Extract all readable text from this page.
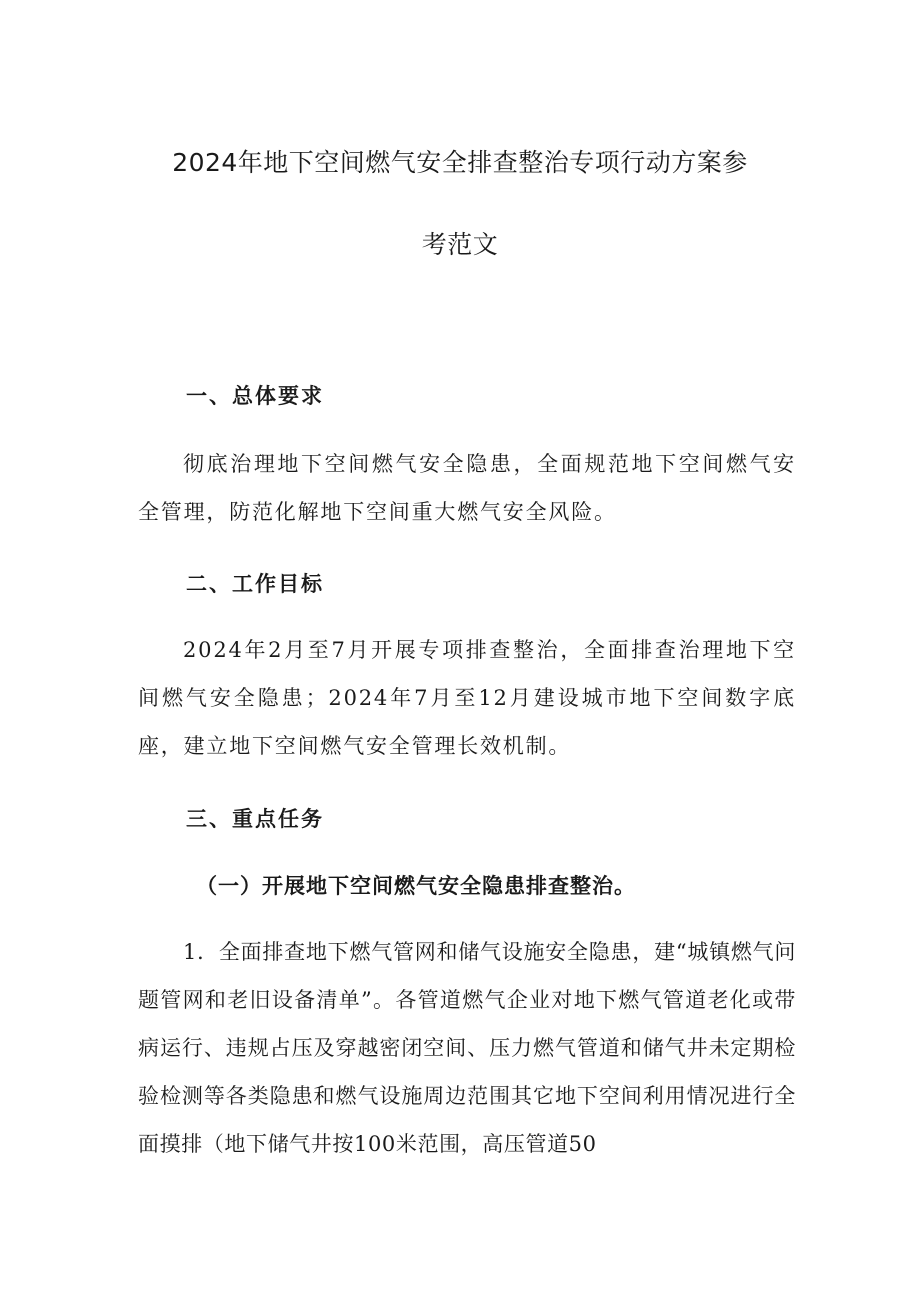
2024年地下空间燃气安全排查整治专项行动方案参
考范文
一、总体要求
彻底治理地下空间燃气安全隐患，全面规范地下空间燃气安全管理，防范化解地下空间重大燃气安全风险。
二、工作目标
2024年2月至7月开展专项排查整治，全面排查治理地下空间燃气安全隐患；2024年7月至12月建设城市地下空间数字底座，建立地下空间燃气安全管理长效机制。
三、重点任务
（一）开展地下空间燃气安全隐患排查整治。
1．全面排查地下燃气管网和储气设施安全隐患，建“城镇燃气问题管网和老旧设备清单”。各管道燃气企业对地下燃气管道老化或带病运行、违规占压及穿越密闭空间、压力燃气管道和储气井未定期检验检测等各类隐患和燃气设施周边范围其它地下空间利用情况进行全面摸排（地下储气井按100米范围，高压管道50
